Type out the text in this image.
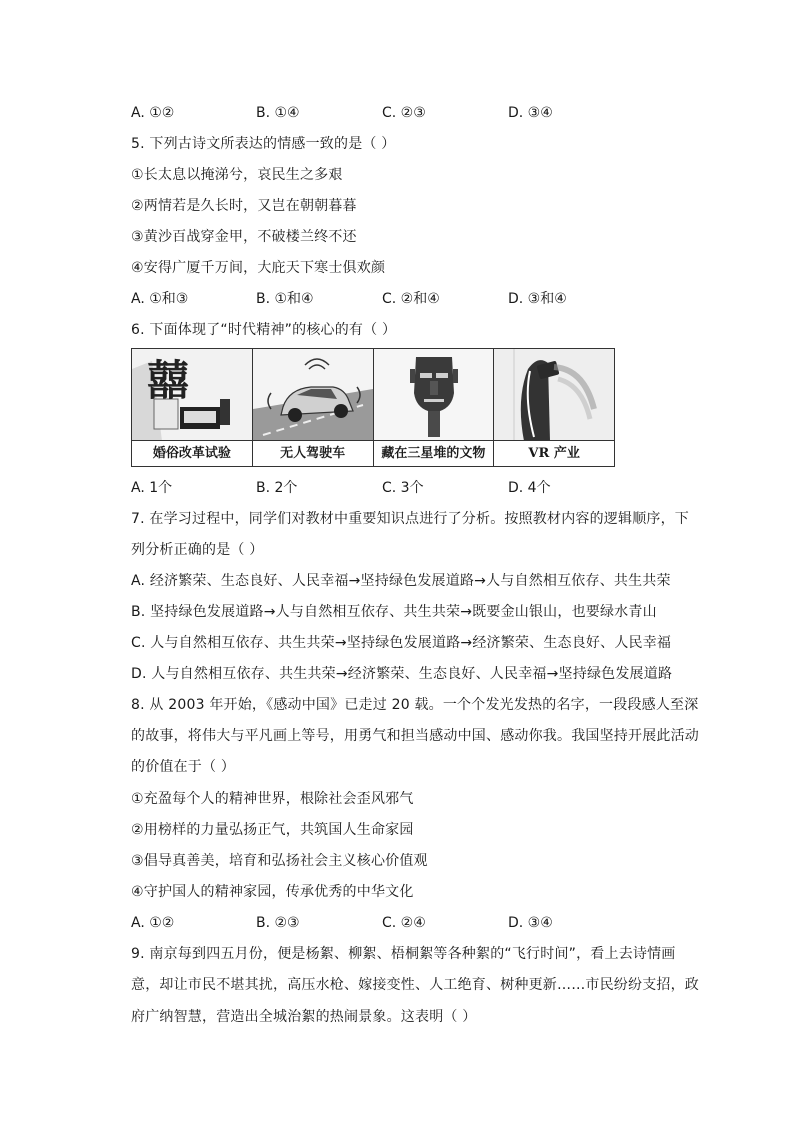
A. ①②	B. ①④	C. ②③	D. ③④
5. 下列古诗文所表达的情感一致的是（ ）
①长太息以掩涕兮，哀民生之多艰
②两情若是久长时，又岂在朝朝暮暮
③黄沙百战穿金甲，不破楼兰终不还
④安得广厦千万间，大庇天下寒士俱欢颜
A. ①和③	B. ①和④	C. ②和④	D. ③和④
6. 下面体现了“时代精神”的核心的有（ ）
囍
婚俗改革试验	无人驾驶车	藏在三星堆的文物	VR 产业
A. 1个	B. 2个	C. 3个	D. 4个
7. 在学习过程中，同学们对教材中重要知识点进行了分析。按照教材内容的逻辑顺序，下
列分析正确的是（ ）
A. 经济繁荣、生态良好、人民幸福→坚持绿色发展道路→人与自然相互依存、共生共荣
B. 坚持绿色发展道路→人与自然相互依存、共生共荣→既要金山银山，也要绿水青山
C. 人与自然相互依存、共生共荣→坚持绿色发展道路→经济繁荣、生态良好、人民幸福
D. 人与自然相互依存、共生共荣→经济繁荣、生态良好、人民幸福→坚持绿色发展道路
8. 从 2003 年开始，《感动中国》已走过 20 载。一个个发光发热的名字，一段段感人至深
的故事，将伟大与平凡画上等号，用勇气和担当感动中国、感动你我。我国坚持开展此活动
的价值在于（ ）
①充盈每个人的精神世界，根除社会歪风邪气
②用榜样的力量弘扬正气，共筑国人生命家园
③倡导真善美，培育和弘扬社会主义核心价值观
④守护国人的精神家园，传承优秀的中华文化
A. ①②	B. ②③	C. ②④	D. ③④
9. 南京每到四五月份，便是杨絮、柳絮、梧桐絮等各种絮的“飞行时间”，看上去诗情画
意，却让市民不堪其扰，高压水枪、嫁接变性、人工绝育、树种更新……市民纷纷支招，政
府广纳智慧，营造出全城治絮的热闹景象。这表明（ ）
